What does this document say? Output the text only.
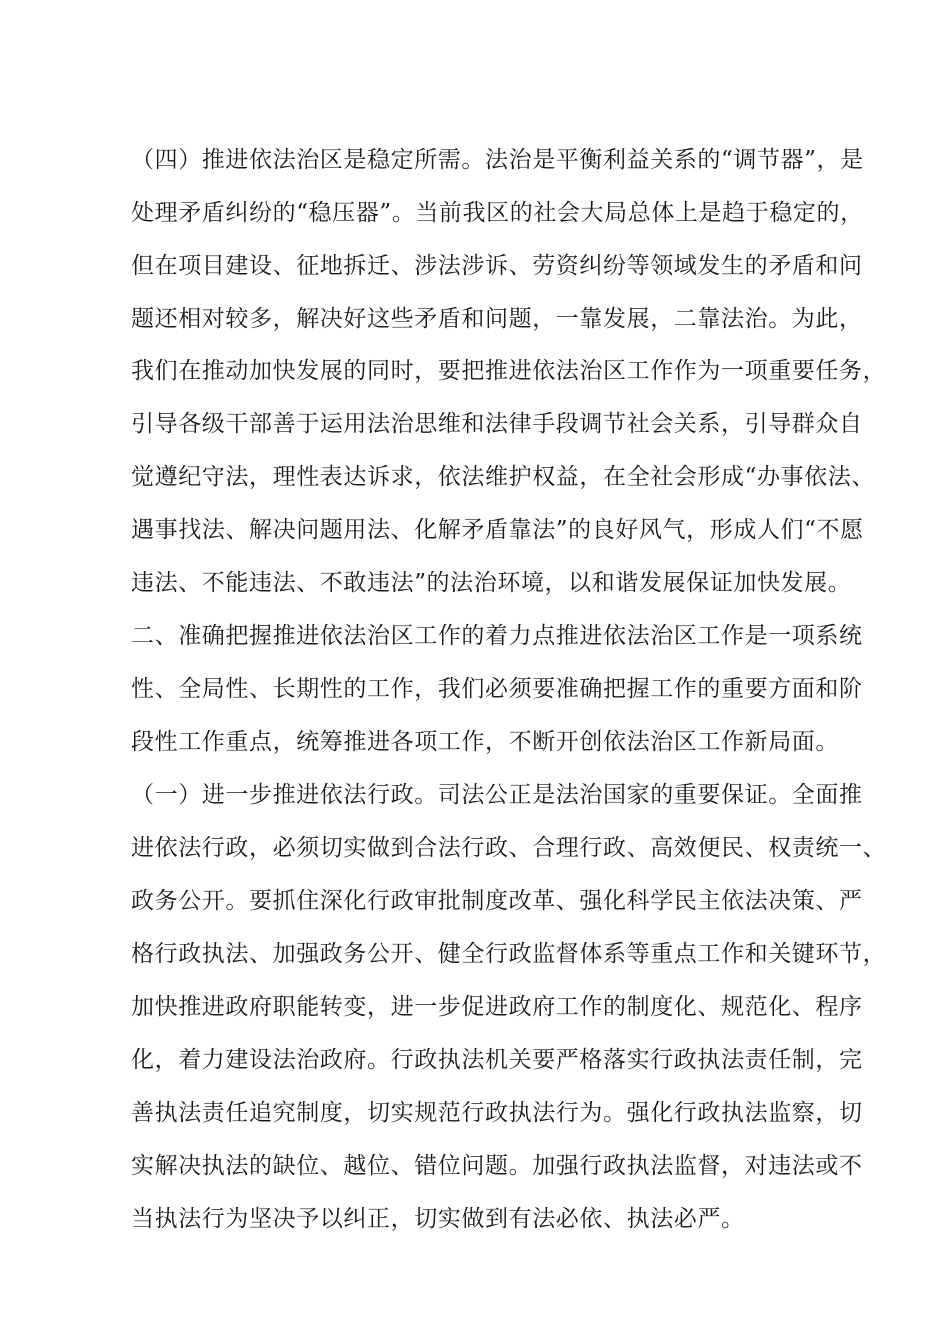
（四）推进依法治区是稳定所需。法治是平衡利益关系的“调节器”，是
处理矛盾纠纷的“稳压器”。当前我区的社会大局总体上是趋于稳定的，
但在项目建设、征地拆迁、涉法涉诉、劳资纠纷等领域发生的矛盾和问
题还相对较多，解决好这些矛盾和问题，一靠发展，二靠法治。为此，
我们在推动加快发展的同时，要把推进依法治区工作作为一项重要任务，
引导各级干部善于运用法治思维和法律手段调节社会关系，引导群众自
觉遵纪守法，理性表达诉求，依法维护权益，在全社会形成“办事依法、
遇事找法、解决问题用法、化解矛盾靠法”的良好风气，形成人们“不愿
违法、不能违法、不敢违法”的法治环境，以和谐发展保证加快发展。
二、准确把握推进依法治区工作的着力点推进依法治区工作是一项系统
性、全局性、长期性的工作，我们必须要准确把握工作的重要方面和阶
段性工作重点，统筹推进各项工作，不断开创依法治区工作新局面。
（一）进一步推进依法行政。司法公正是法治国家的重要保证。全面推
进依法行政，必须切实做到合法行政、合理行政、高效便民、权责统一、
政务公开。要抓住深化行政审批制度改革、强化科学民主依法决策、严
格行政执法、加强政务公开、健全行政监督体系等重点工作和关键环节，
加快推进政府职能转变，进一步促进政府工作的制度化、规范化、程序
化，着力建设法治政府。行政执法机关要严格落实行政执法责任制，完
善执法责任追究制度，切实规范行政执法行为。强化行政执法监察，切
实解决执法的缺位、越位、错位问题。加强行政执法监督，对违法或不
当执法行为坚决予以纠正，切实做到有法必依、执法必严。
